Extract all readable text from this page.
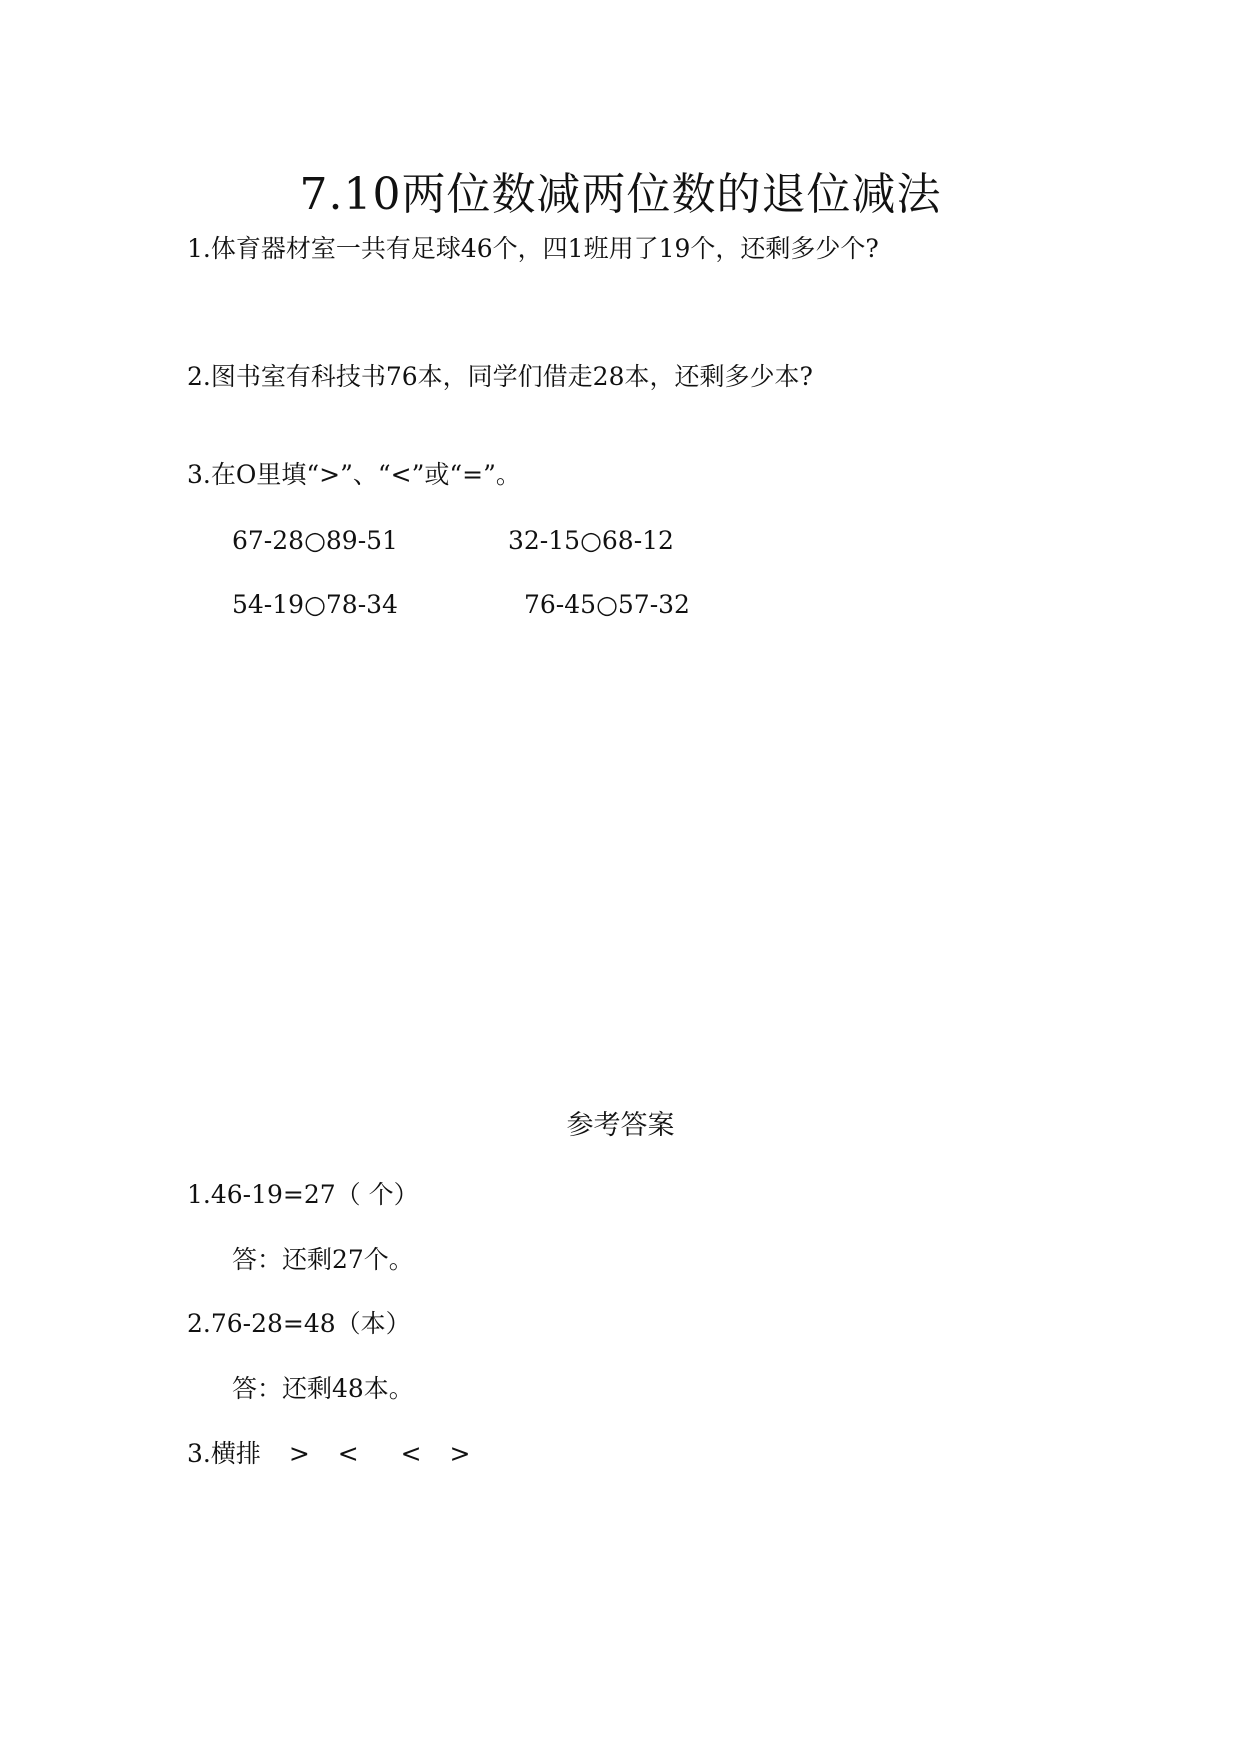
7.10两位数减两位数的退位减法
1.体育器材室一共有足球46个，四1班用了19个，还剩多少个?
2.图书室有科技书76本，同学们借走28本，还剩多少本?
3.在O里填“>”、“<”或“=”。
67-28○89-51	32-15○68-12
54-19○78-34	76-45○57-32
参考答案
1.46-19=27（ 个）
答：还剩27个。
2.76-28=48（本）
答：还剩48本。
3.横排 > < < >
